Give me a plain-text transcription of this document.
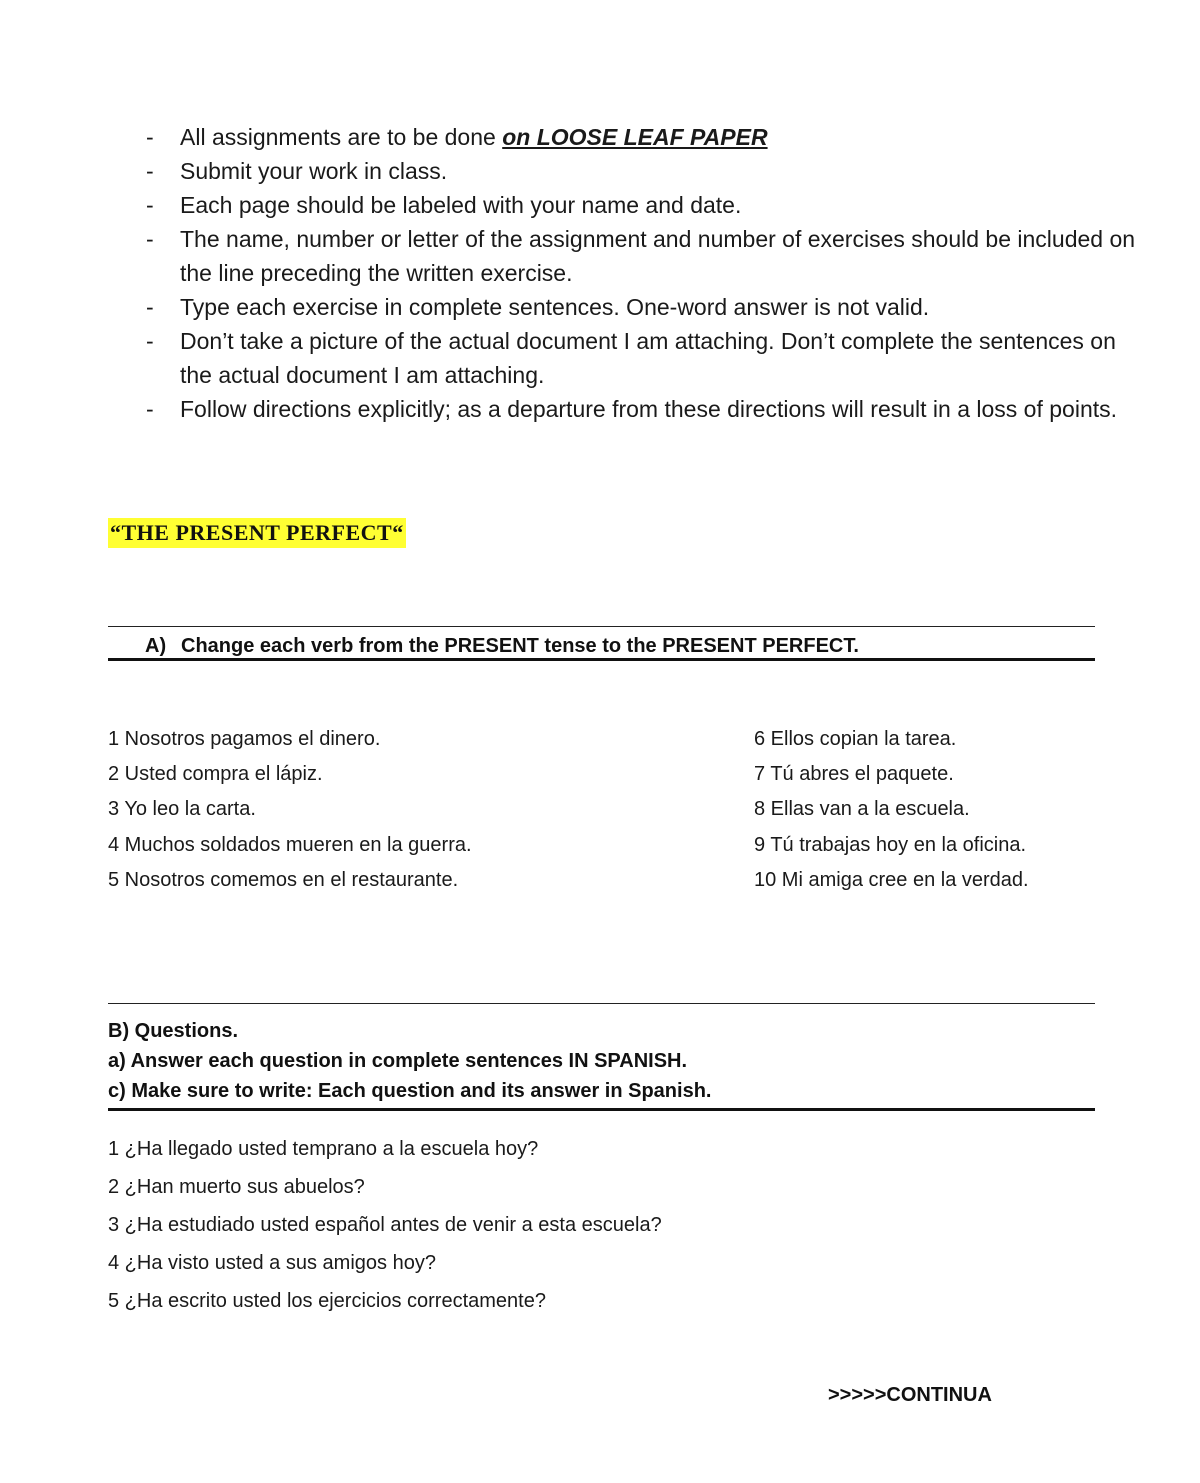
- All assignments are to be done on LOOSE LEAF PAPER
- Submit your work in class.
- Each page should be labeled with your name and date.
- The name, number or letter of the assignment and number of exercises should be included on the line preceding the written exercise.
- Type each exercise in complete sentences. One-word answer is not valid.
- Don’t take a picture of the actual document I am attaching. Don’t complete the sentences on the actual document I am attaching.
- Follow directions explicitly; as a departure from these directions will result in a loss of points.
“THE PRESENT PERFECT“
A) Change each verb from the PRESENT tense to the PRESENT PERFECT.
1 Nosotros pagamos el dinero.
2 Usted compra el lápiz.
3 Yo leo la carta.
4 Muchos soldados mueren en la guerra.
5 Nosotros comemos en el restaurante.
6 Ellos copian la tarea.
7 Tú abres el paquete.
8 Ellas van a la escuela.
9 Tú trabajas hoy en la oficina.
10 Mi amiga cree en la verdad.
B) Questions.
a) Answer each question in complete sentences IN SPANISH.
c) Make sure to write: Each question and its answer in Spanish.
1 ¿Ha llegado usted temprano a la escuela hoy?
2 ¿Han muerto sus abuelos?
3 ¿Ha estudiado usted español antes de venir a esta escuela?
4 ¿Ha visto usted a sus amigos hoy?
5 ¿Ha escrito usted los ejercicios correctamente?
>>>>>CONTINUA
